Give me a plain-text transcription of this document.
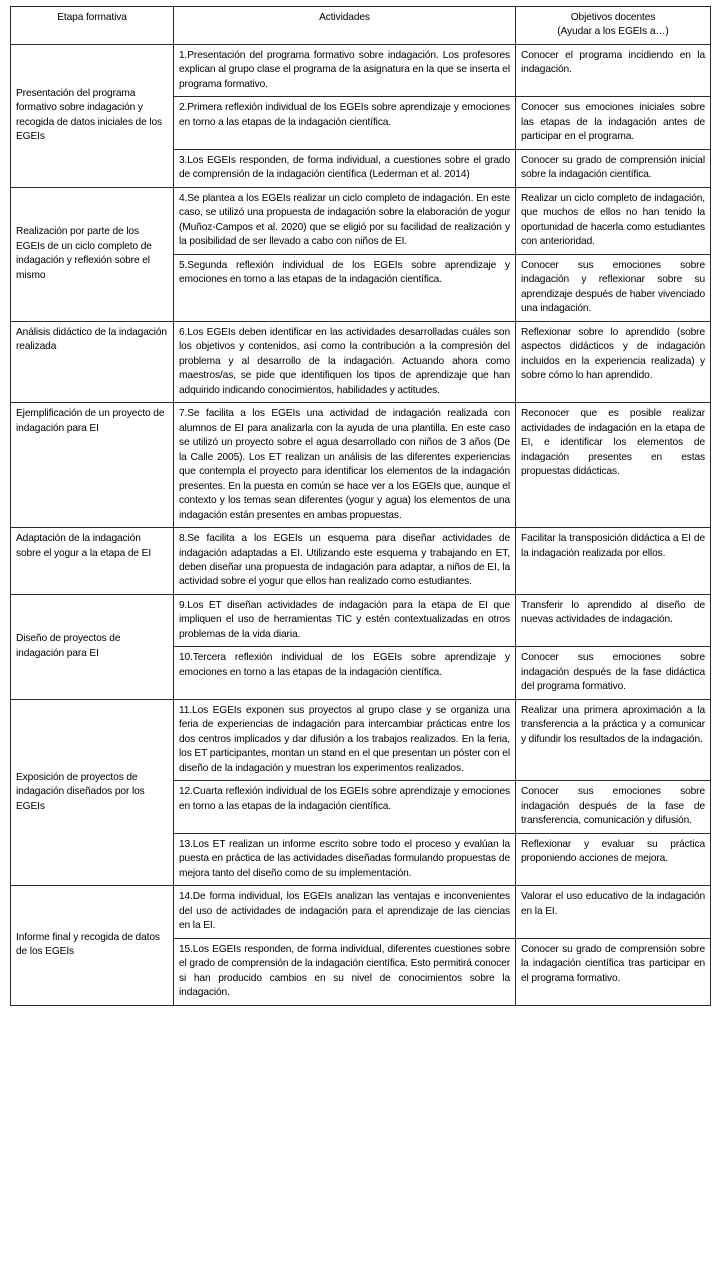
Etapa formativa	Actividades	Objetivos docentes
(Ayudar a los EGEIs a…)

Presentación del programa formativo sobre indagación y recogida de datos iniciales de los EGEIs	1.Presentación del programa formativo sobre indagación. Los profesores explican al grupo clase el programa de la asignatura en la que se inserta el programa formativo.	Conocer el programa incidiendo en la indagación.
	2.Primera reflexión individual de los EGEIs sobre aprendizaje y emociones en torno a las etapas de la indagación científica.	Conocer sus emociones iniciales sobre las etapas de la indagación antes de participar en el programa.
	3.Los EGEIs responden, de forma individual, a cuestiones sobre el grado de comprensión de la indagación científica (Lederman et al. 2014)	Conocer su grado de comprensión inicial sobre la indagación científica.
Realización por parte de los EGEIs de un ciclo completo de indagación y reflexión sobre el mismo	4.Se plantea a los EGEIs realizar un ciclo completo de indagación. En este caso, se utilizó una propuesta de indagación sobre la elaboración de yogur (Muñoz-Campos et al. 2020) que se eligió por su facilidad de realización y la posibilidad de ser llevado a cabo con niños de EI.	Realizar un ciclo completo de indagación, que muchos de ellos no han tenido la oportunidad de hacerla como estudiantes con anterioridad.
	5.Segunda reflexión individual de los EGEIs sobre aprendizaje y emociones en torno a las etapas de la indagación científica.	Conocer sus emociones sobre indagación y reflexionar sobre su aprendizaje después de haber vivenciado una indagación.
Análisis didáctico de la indagación realizada	6.Los EGEIs deben identificar en las actividades desarrolladas cuáles son los objetivos y contenidos, así como la contribución a la compresión del problema y al desarrollo de la indagación. Actuando ahora como maestros/as, se pide que identifiquen los tipos de aprendizaje que han adquirido indicando conocimientos, habilidades y actitudes.	Reflexionar sobre lo aprendido (sobre aspectos didácticos y de indagación incluidos en la experiencia realizada) y sobre cómo lo han aprendido.
Ejemplificación de un proyecto de indagación para EI	7.Se facilita a los EGEIs una actividad de indagación realizada con alumnos de EI para analizarla con la ayuda de una plantilla. En este caso se utilizó un proyecto sobre el agua desarrollado con niños de 3 años (De la Calle 2005). Los ET realizan un análisis de las diferentes experiencias que contempla el proyecto para identificar los elementos de la indagación presentes. En la puesta en común se hace ver a los EGEIs que, aunque el contexto y los temas sean diferentes (yogur y agua) los elementos de una indagación están presentes en ambas propuestas.	Reconocer que es posible realizar actividades de indagación en la etapa de EI, e identificar los elementos de indagación presentes en estas propuestas didácticas.
Adaptación de la indagación sobre el yogur a la etapa de EI	8.Se facilita a los EGEIs un esquema para diseñar actividades de indagación adaptadas a EI. Utilizando este esquema y trabajando en ET, deben diseñar una propuesta de indagación para adaptar, a niños de EI, la actividad sobre el yogur que ellos han realizado como estudiantes.	Facilitar la transposición didáctica a EI de la indagación realizada por ellos.
Diseño de proyectos de indagación para EI	9.Los ET diseñan actividades de indagación para la etapa de EI que impliquen el uso de herramientas TIC y estén contextualizadas en otros problemas de la vida diaria.	Transferir lo aprendido al diseño de nuevas actividades de indagación.
	10.Tercera reflexión individual de los EGEIs sobre aprendizaje y emociones en torno a las etapas de la indagación científica.	Conocer sus emociones sobre indagación después de la fase didáctica del programa formativo.
Exposición de proyectos de indagación diseñados por los EGEIs	11.Los EGEIs exponen sus proyectos al grupo clase y se organiza una feria de experiencias de indagación para intercambiar prácticas entre los dos centros implicados y dar difusión a los trabajos realizados. En la feria, los ET participantes, montan un stand en el que presentan un póster con el diseño de la indagación y muestran los experimentos realizados.	Realizar una primera aproximación a la transferencia a la práctica y a comunicar y difundir los resultados de la indagación.
	12.Cuarta reflexión individual de los EGEIs sobre aprendizaje y emociones en torno a las etapas de la indagación científica.	Conocer sus emociones sobre indagación después de la fase de transferencia, comunicación y difusión.
	13.Los ET realizan un informe escrito sobre todo el proceso y evalúan la puesta en práctica de las actividades diseñadas formulando propuestas de mejora tanto del diseño como de su implementación.	Reflexionar y evaluar su práctica proponiendo acciones de mejora.
Informe final y recogida de datos de los EGEIs	14.De forma individual, los EGEIs analizan las ventajas e inconvenientes del uso de actividades de indagación para el aprendizaje de las ciencias en la EI.	Valorar el uso educativo de la indagación en la EI.
	15.Los EGEIs responden, de forma individual, diferentes cuestiones sobre el grado de comprensión de la indagación científica. Esto permitirá conocer si han producido cambios en su nivel de conocimientos sobre la indagación.	Conocer su grado de comprensión sobre la indagación científica tras participar en el programa formativo.
